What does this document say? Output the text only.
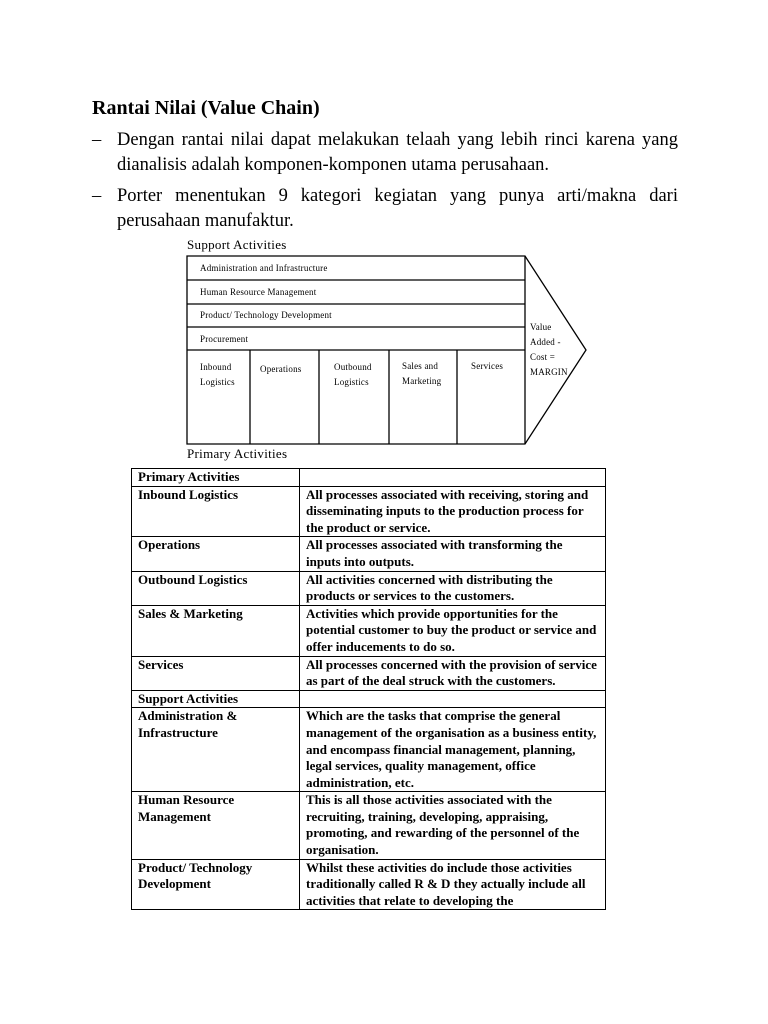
Rantai Nilai (Value Chain)
– Dengan rantai nilai dapat melakukan telaah yang lebih rinci karena yang dianalisis adalah komponen-komponen utama perusahaan.
– Porter menentukan 9 kategori kegiatan yang punya arti/makna dari perusahaan manufaktur.
Support Activities
Administration and Infrastructure
Human Resource Management
Product/ Technology Development
Procurement
Inbound
Logistics
Operations	Outbound
Logistics
Sales and
Marketing
Services
Value
Added -
Cost =
MARGIN
Primary Activities
Primary Activities	
Inbound Logistics	All processes associated with receiving, storing and disseminating inputs to the production process for the product or service.
Operations	All processes associated with transforming the inputs into outputs.
Outbound Logistics	All activities concerned with distributing the products or services to the customers.
Sales & Marketing	Activities which provide opportunities for the potential customer to buy the product or service and offer inducements to do so.
Services	All processes concerned with the provision of service as part of the deal struck with the customers.
Support Activities	
Administration & Infrastructure	Which are the tasks that comprise the general management of the organisation as a business entity, and encompass financial management, planning, legal services, quality management, office administration, etc.
Human Resource Management	This is all those activities associated with the recruiting, training, developing, appraising, promoting, and rewarding of the personnel of the organisation.
Product/ Technology Development	Whilst these activities do include those activities traditionally called R & D they actually include all activities that relate to developing the
